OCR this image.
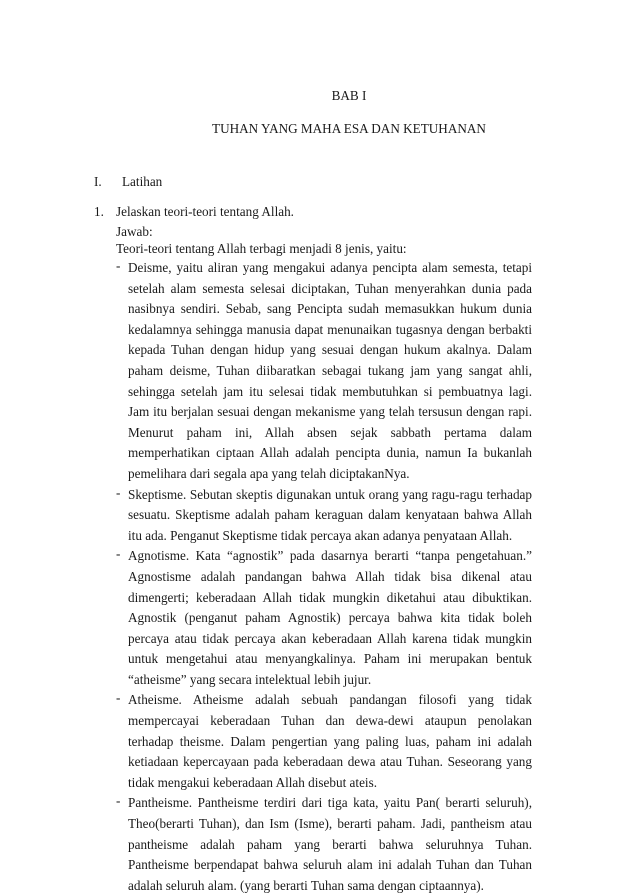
BAB I
TUHAN YANG MAHA ESA DAN KETUHANAN
I. Latihan
1. Jelaskan teori-teori tentang Allah.
Jawab:
Teori-teori tentang Allah terbagi menjadi 8 jenis, yaitu:
- Deisme, yaitu aliran yang mengakui adanya pencipta alam semesta, tetapi setelah alam semesta selesai diciptakan, Tuhan menyerahkan dunia pada nasibnya sendiri. Sebab, sang Pencipta sudah memasukkan hukum dunia kedalamnya sehingga manusia dapat menunaikan tugasnya dengan berbakti kepada Tuhan dengan hidup yang sesuai dengan hukum akalnya. Dalam paham deisme, Tuhan diibaratkan sebagai tukang jam yang sangat ahli, sehingga setelah jam itu selesai tidak membutuhkan si pembuatnya lagi. Jam itu berjalan sesuai dengan mekanisme yang telah tersusun dengan rapi. Menurut paham ini, Allah absen sejak sabbath pertama dalam memperhatikan ciptaan Allah adalah pencipta dunia, namun Ia bukanlah pemelihara dari segala apa yang telah diciptakanNya.
- Skeptisme. Sebutan skeptis digunakan untuk orang yang ragu-ragu terhadap sesuatu. Skeptisme adalah paham keraguan dalam kenyataan bahwa Allah itu ada. Penganut Skeptisme tidak percaya akan adanya penyataan Allah.
- Agnotisme. Kata “agnostik” pada dasarnya berarti “tanpa pengetahuan.” Agnostisme adalah pandangan bahwa Allah tidak bisa dikenal atau dimengerti; keberadaan Allah tidak mungkin diketahui atau dibuktikan. Agnostik (penganut paham Agnostik) percaya bahwa kita tidak boleh percaya atau tidak percaya akan keberadaan Allah karena tidak mungkin untuk mengetahui atau menyangkalinya. Paham ini merupakan bentuk “atheisme” yang secara intelektual lebih jujur.
- Atheisme. Atheisme adalah sebuah pandangan filosofi yang tidak mempercayai keberadaan Tuhan dan dewa-dewi ataupun penolakan terhadap theisme. Dalam pengertian yang paling luas, paham ini adalah ketiadaan kepercayaan pada keberadaan dewa atau Tuhan. Seseorang yang tidak mengakui keberadaan Allah disebut ateis.
- Pantheisme. Pantheisme terdiri dari tiga kata, yaitu Pan( berarti seluruh), Theo(berarti Tuhan), dan Ism (Isme), berarti paham. Jadi, pantheism atau pantheisme adalah paham yang berarti bahwa seluruhnya Tuhan. Pantheisme berpendapat bahwa seluruh alam ini adalah Tuhan dan Tuhan adalah seluruh alam. (yang berarti Tuhan sama dengan ciptaannya).
